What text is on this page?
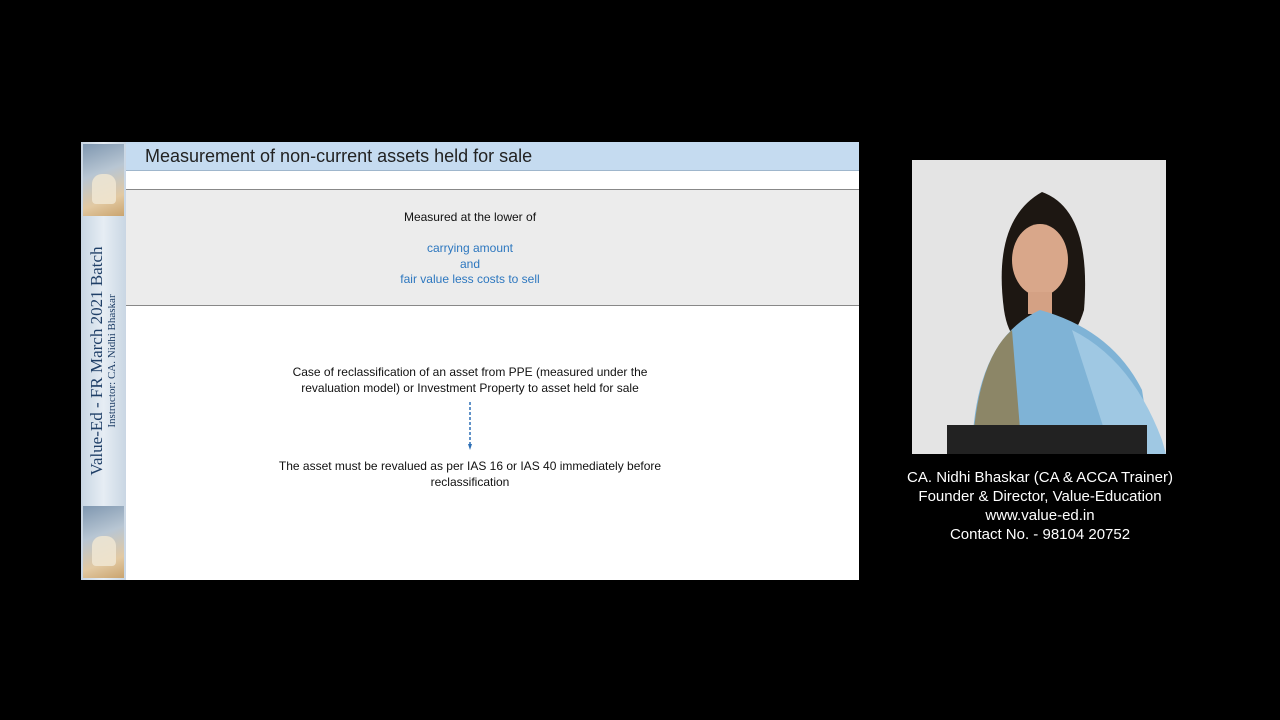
Value-Ed - FR March 2021 Batch Instructor: CA. Nidhi Bhaskar
Measurement of non-current assets held for sale
Measured at the lower of
carrying amount
and
fair value less costs to sell
Case of reclassification of an asset from PPE (measured under the
revaluation model) or Investment Property to asset held for sale
The asset must be revalued as per IAS 16 or IAS 40 immediately before
reclassification	CA. Nidhi Bhaskar (CA & ACCA Trainer)
Founder & Director, Value-Education
www.value-ed.in
Contact No. - 98104 20752
